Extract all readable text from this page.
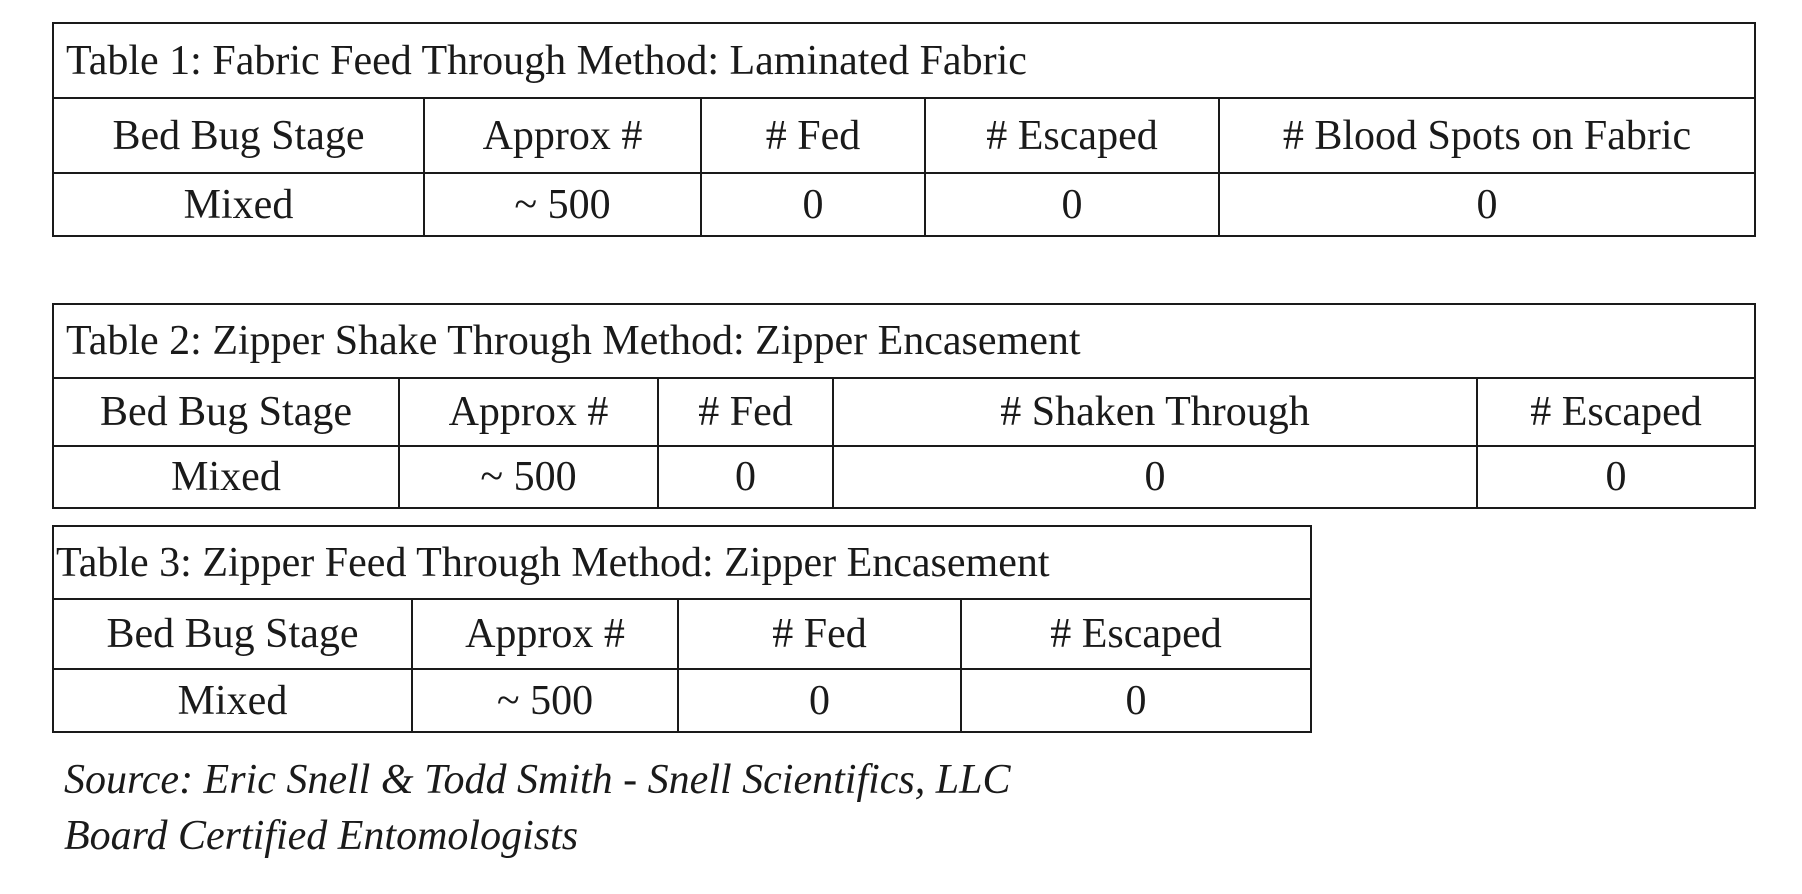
Table 1: Fabric Feed Through Method: Laminated Fabric				
Bed Bug Stage	Approx #	# Fed	# Escaped	# Blood Spots on Fabric
Mixed	~ 500	0	0	0
Table 2: Zipper Shake Through Method: Zipper Encasement				
Bed Bug Stage	Approx #	# Fed	# Shaken Through	# Escaped
Mixed	~ 500	0	0	0
Table 3: Zipper Feed Through Method: Zipper Encasement			
Bed Bug Stage	Approx #	# Fed	# Escaped
Mixed	~ 500	0	0
Source: Eric Snell & Todd Smith - Snell Scientifics, LLC
Board Certified Entomologists
